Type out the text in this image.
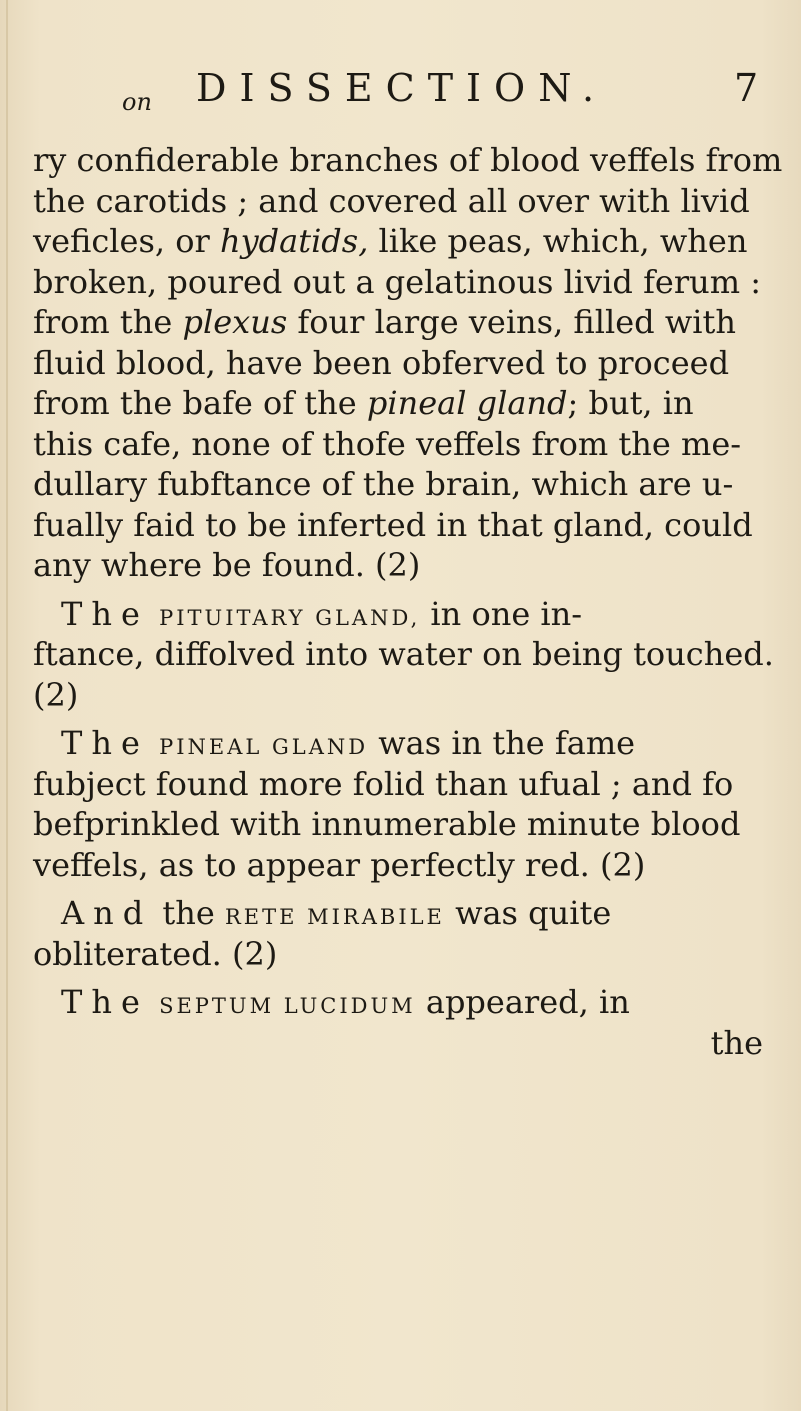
on DISSECTION.	7
ry confiderable branches of blood veffels from
the carotids ; and covered all over with livid
veficles, or hydatids, like peas, which, when
broken, poured out a gelatinous livid ferum :
from the plexus four large veins, filled with
fluid blood, have been obferved to proceed
from the bafe of the pineal gland; but, in
this cafe, none of thofe veffels from the me-
dullary fubftance of the brain, which are u-
fually faid to be inferted in that gland, could
any where be found. (2)
The PITUITARY GLAND, in one in-
ftance, diffolved into water on being touched.
(2)
The PINEAL GLAND was in the fame
fubject found more folid than ufual ; and fo
befprinkled with innumerable minute blood
veffels, as to appear perfectly red. (2)
And the RETE MIRABILE was quite
obliterated. (2)
The SEPTUM LUCIDUM appeared, in
the
